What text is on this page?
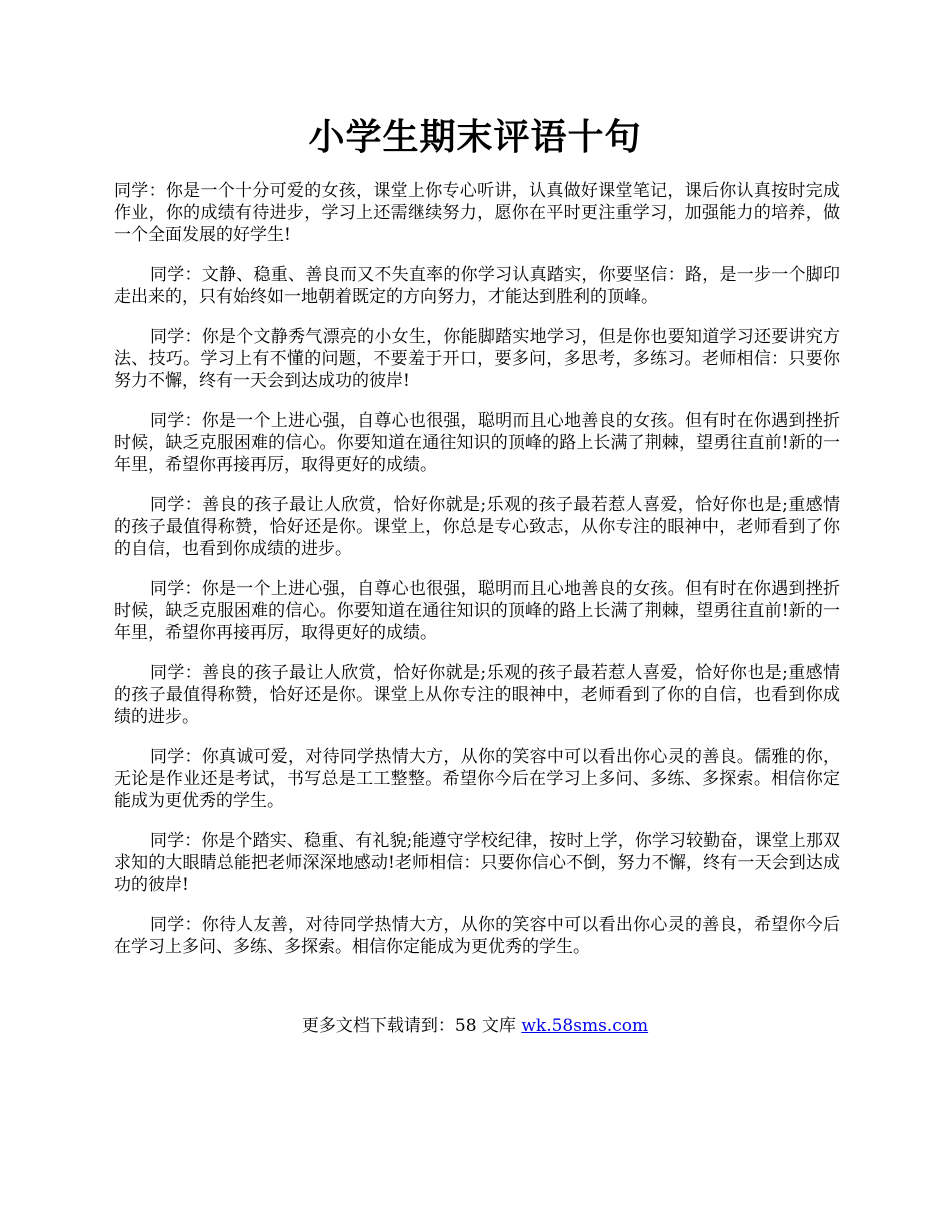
小学生期末评语十句

同学：你是一个十分可爱的女孩，课堂上你专心听讲，认真做好课堂笔记，课后你认真按时完成作业，你的成绩有待进步，学习上还需继续努力，愿你在平时更注重学习，加强能力的培养，做一个全面发展的好学生!

同学：文静、稳重、善良而又不失直率的你学习认真踏实，你要坚信：路，是一步一个脚印走出来的，只有始终如一地朝着既定的方向努力，才能达到胜利的顶峰。

同学：你是个文静秀气漂亮的小女生，你能脚踏实地学习，但是你也要知道学习还要讲究方法、技巧。学习上有不懂的问题，不要羞于开口，要多问，多思考，多练习。老师相信：只要你努力不懈，终有一天会到达成功的彼岸!

同学：你是一个上进心强，自尊心也很强，聪明而且心地善良的女孩。但有时在你遇到挫折时候，缺乏克服困难的信心。你要知道在通往知识的顶峰的路上长满了荆棘，望勇往直前!新的一年里，希望你再接再厉，取得更好的成绩。

同学：善良的孩子最让人欣赏，恰好你就是;乐观的孩子最若惹人喜爱，恰好你也是;重感情的孩子最值得称赞，恰好还是你。课堂上，你总是专心致志，从你专注的眼神中，老师看到了你的自信，也看到你成绩的进步。

同学：你是一个上进心强，自尊心也很强，聪明而且心地善良的女孩。但有时在你遇到挫折时候，缺乏克服困难的信心。你要知道在通往知识的顶峰的路上长满了荆棘，望勇往直前!新的一年里，希望你再接再厉，取得更好的成绩。

同学：善良的孩子最让人欣赏，恰好你就是;乐观的孩子最若惹人喜爱，恰好你也是;重感情的孩子最值得称赞，恰好还是你。课堂上从你专注的眼神中，老师看到了你的自信，也看到你成绩的进步。

同学：你真诚可爱，对待同学热情大方，从你的笑容中可以看出你心灵的善良。儒雅的你，无论是作业还是考试，书写总是工工整整。希望你今后在学习上多问、多练、多探索。相信你定能成为更优秀的学生。

同学：你是个踏实、稳重、有礼貌;能遵守学校纪律，按时上学，你学习较勤奋，课堂上那双求知的大眼睛总能把老师深深地感动!老师相信：只要你信心不倒，努力不懈，终有一天会到达成功的彼岸!

同学：你待人友善，对待同学热情大方，从你的笑容中可以看出你心灵的善良，希望你今后在学习上多问、多练、多探索。相信你定能成为更优秀的学生。

更多文档下载请到：58 文库 wk.58sms.com
